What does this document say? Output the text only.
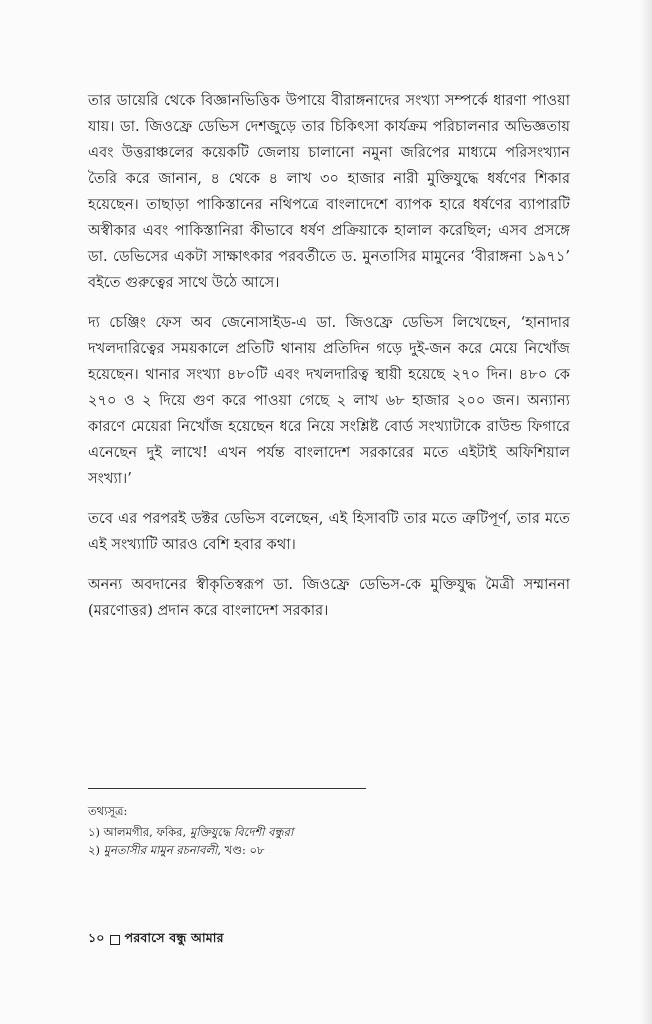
তার ডায়েরি থেকে বিজ্ঞানভিত্তিক উপায়ে বীরাঙ্গনাদের সংখ্যা সম্পর্কে ধারণা পাওয়া যায়। ডা. জিওফ্রে ডেভিস দেশজুড়ে তার চিকিৎসা কার্যক্রম পরিচালনার অভিজ্ঞতায় এবং উত্তরাঞ্চলের কয়েকটি জেলায় চালানো নমুনা জরিপের মাধ্যমে পরিসংখ্যান তৈরি করে জানান, ৪ থেকে ৪ লাখ ৩০ হাজার নারী মুক্তিযুদ্ধে ধর্ষণের শিকার হয়েছেন। তাছাড়া পাকিস্তানের নথিপত্রে বাংলাদেশে ব্যাপক হারে ধর্ষণের ব্যাপারটি অস্বীকার এবং পাকিস্তানিরা কীভাবে ধর্ষণ প্রক্রিয়াকে হালাল করেছিল; এসব প্রসঙ্গে ডা. ডেভিসের একটা সাক্ষাৎকার পরবর্তীতে ড. মুনতাসির মামুনের ‘বীরাঙ্গনা ১৯৭১’ বইতে গুরুত্বের সাথে উঠে আসে।

দ্য চেঞ্জিং ফেস অব জেনোসাইড-এ ডা. জিওফ্রে ডেভিস লিখেছেন, ‘হানাদার দখলদারিত্বের সময়কালে প্রতিটি থানায় প্রতিদিন গড়ে দুই-জন করে মেয়ে নিখোঁজ হয়েছেন। থানার সংখ্যা ৪৮০টি এবং দখলদারিত্ব স্থায়ী হয়েছে ২৭০ দিন। ৪৮০ কে ২৭০ ও ২ দিয়ে গুণ করে পাওয়া গেছে ২ লাখ ৬৮ হাজার ২০০ জন। অন্যান্য কারণে মেয়েরা নিখোঁজ হয়েছেন ধরে নিয়ে সংশ্লিষ্ট বোর্ড সংখ্যাটাকে রাউন্ড ফিগারে এনেছেন দুই লাখে! এখন পর্যন্ত বাংলাদেশ সরকারের মতে এইটাই অফিশিয়াল সংখ্যা।’

তবে এর পরপরই ডক্টর ডেভিস বলেছেন, এই হিসাবটি তার মতে ত্রুটিপূর্ণ, তার মতে এই সংখ্যাটি আরও বেশি হবার কথা।

অনন্য অবদানের স্বীকৃতিস্বরূপ ডা. জিওফ্রে ডেভিস-কে মুক্তিযুদ্ধ মৈত্রী সম্মাননা (মরণোত্তর) প্রদান করে বাংলাদেশ সরকার।

তথ্যসূত্র:

১) আলমগীর, ফকির, মুক্তিযুদ্ধে বিদেশী বন্ধুরা

২) মুনতাসীর মামুন রচনাবলী, খণ্ড: ০৮

১০ পরবাসে বন্ধু আমার
